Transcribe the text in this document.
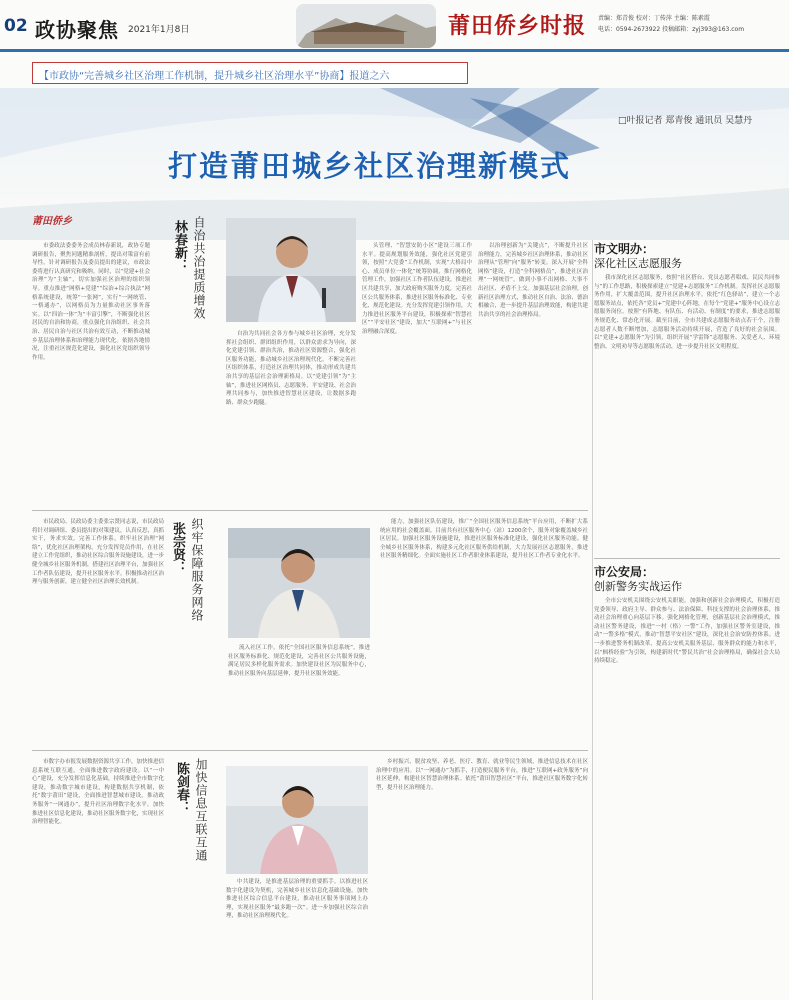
02 政协聚焦 2021年1月8日	莆田侨乡时报 责编：郑青俊 校对：丁传萍 主编：陈素霞
电话：0594-2673922 投稿邮箱：zyj393@163.com
【市政协“完善城乡社区治理工作机制，提升城乡社区治理水平”协商】报道之六
□叶报记者 郑青俊 通讯员 吴慧丹
打造莆田城乡社区治理新模式
莆田侨乡

市委政法委委务会成员林春新说，政协专题调研报告，聚焦问题精准剖析，提出对策富有前导性。针对调研报告及委员提出的建议，市政法委将进行认真研究和吸纳。同时，以“党建+社会治理”为“主轴”，切实加强社区治理的组织领导。重点推进“网格+党建”“综治+综合执法”网格系统建设，统筹“一张网”，实行“一网统管、一格通办”，以网格员为力量推动社区事务落实。以“四治一体”为“丰富引擎”，不断强化社区居民的自治和协商，重点强化自治组织、社会共治、居民自治与社区共治有效互动，不断推动城乡基层治理体系和治理能力现代化。依据各地情况，注重社区规范化建设，强化社区党组织领导作用。

林春新： 自治共治提质增效

自治为共同社会各方参与城乡社区治理，充分发挥社会组织、群团组织作用，以群众需求为导向，深化党建引领、群治共治，推动社区资源整合，强化社区服务功能，推动城乡社区治理现代化。不断完善社区组织体系，打造社区治理共同体，推动形成共建共治共享的基层社会治理新格局。以“党建引领”为“主轴”，推进社区网格员、志愿服务、平安建设、社会治理共同参与，加快推进智慧社区建设，让数据多跑路、群众少跑腿。

头管理、“智慧安防小区”建设三项工作水平。提高规划服务效能，强化社区党建引领，按照“大党委”工作机制，实现“大格局中心、成员单位一体化”统筹协调，推行网格化管理工作，加强社区工作者队伍建设，推进社区共建共享，加大政府购买服务力度，完善社区公共服务体系，推进社区服务标准化、专业化、规范化建设。充分发挥党建引领作用，大力推进社区服务平台建设，积极探索“智慧社区”“平安社区”建设，加大“互联网+”与社区治理融合深度。

以治理创新为“关键点”，不断提升社区治理能力，完善城乡社区治理体系，推动社区治理从“管理”向“服务”转变。深入开展“全科网格”建设，打造“全科网格员”，推进社区治理“一网统管”，做到小事不出网格、大事不出社区、矛盾不上交。加强基层社会治理，创新社区治理方式，推动社区自治、法治、德治相融合，进一步提升基层治理效能，构建共建共治共享的社会治理格局。

市民政局、民政局委主委张宗贤同志说，市民政局将针对调研组、委员提出的对策建议，认真反思，真抓实干，务求实效。完善工作体系，织牢社区治理“网络”，优化社区治理架构，充分发挥党员作用，在社区建立工作党组织，推动社区综合服务设施建设，进一步健全城乡社区服务机制，搭建社区治理平台，加强社区工作者队伍建设，提升社区服务水平。积极推动社区治理与服务创新，建立健全社区治理长效机制。

张宗贤： 织牢保障服务网络

流入社区工作。依托“全国社区服务信息系统”，推进社区服务标准化、规范化建设，完善社区公共服务设施，满足居民多样化服务需求。加快建设社区为民服务中心，推动社区服务向基层延伸，提升社区服务效能。

能力，加强社区队伍建设，推广“全国社区服务信息系统”平台应用，不断扩大系统应用的社会覆盖面。目前共有社区服务中心（站）1200余个，服务对象覆盖城乡社区居民。加强社区服务设施建设，推进社区服务标准化建设，强化社区服务功能。健全城乡社区服务体系，构建多元化社区服务供给机制，大力发展社区志愿服务，推进社区服务精细化。全面实施社区工作者职业体系建设，提升社区工作者专业化水平。

市数字办市报发展数据资源共享工作，加快推进信息系统互联互通，全面推进数字政府建设。以“一中心”建设，充分发挥信息化基础，持续推进全市数字化建设，推动数字城市建设，构建数据共享机制，依托“数字莆田”建设，全面推进智慧城市建设，推动政务服务“一网通办”，提升社区治理数字化水平。加快推进社区信息化建设，推动社区服务数字化，实现社区治理智能化。

陈剑春： 加快信息互联互通

中共建设，是推进基层治理的重要抓手。以推进社区数字化建设为契机，完善城乡社区信息化基础设施，加快推进社区综合信息平台建设，推动社区服务事项网上办理，实现社区服务“最多跑一次”。进一步加强社区综合治理，推动社区治理现代化。

乡村振兴、脱贫攻坚、养老、医疗、教育、就业等民生领域，推进信息技术在社区治理中的应用。以“一网通办”为抓手，打造便民服务平台，推进“互联网+政务服务”向社区延伸，构建社区智慧治理体系。依托“莆田智慧社区”平台，推进社区服务数字化转型，提升社区治理能力。

市文明办：
深化社区志愿服务

我市深化社区志愿服务，按照“社区搭台、党员志愿者唱戏、民民共同参与”的工作思路，积极探索建立“党建+志愿服务”工作机制。发挥社区志愿服务作用，扩大覆盖范围，提升社区治理水平。依托“红色驿站”，建立一个志愿服务站点，依托各“党员+”党建中心阵地，在每个“党建+”服务中心设立志愿服务岗位。按照“有阵地、有队伍、有活动、有制度”的要求，推进志愿服务规范化、常态化开展。截至目前，全市共建成志愿服务站点若干个，注册志愿者人数不断增加，志愿服务活动持续开展，营造了良好的社会氛围。以“党建+志愿服务”为引领，组织开展“学雷锋”志愿服务、关爱老人、环境整治、文明劝导等志愿服务活动，进一步提升社区文明程度。

市公安局：
创新警务实战运作

全市公安机关围绕公安机关职能，加强和创新社会治理模式，积极打造党委领导、政府主导、群众参与、法治保障、科技支撑的社会治理体系，推动社会治理重心向基层下移。强化网格化管理，创新基层社会治理模式，推动社区警务建设，推进“一村（格）一警”工作，加强社区警务室建设，推动“一警多格”模式，推动“智慧平安社区”建设，深化社会治安防控体系。进一步推进警务机制改革，提高公安机关服务基层、服务群众的能力和水平，以“枫桥经验”为引领，构建新时代“警民共治”社会治理格局，确保社会大局持续稳定。
